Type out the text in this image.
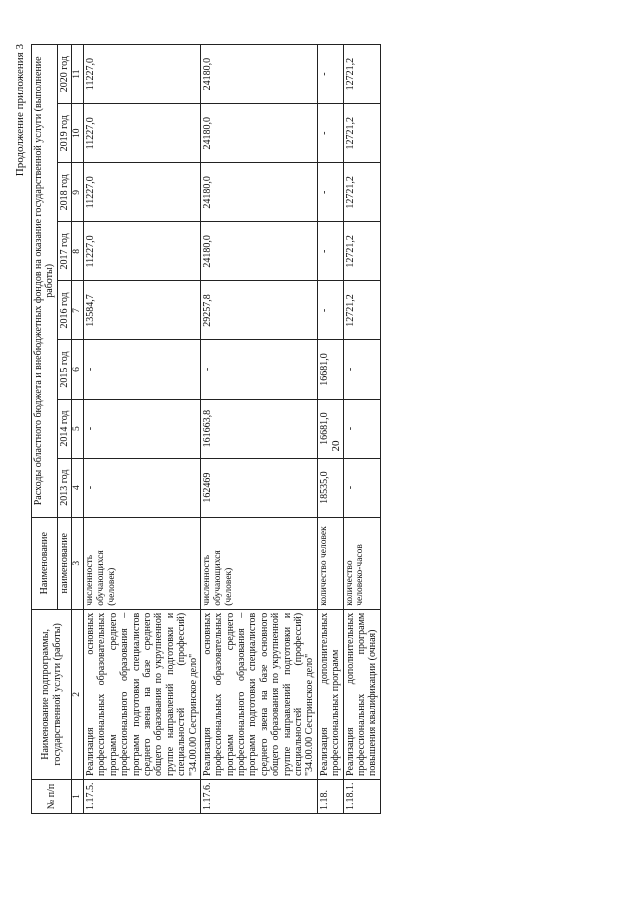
20
Продолжение приложения 3
№ п/п	Наименование подпрограммы, государственной услуги (работы)	Наименование	Расходы областного бюджета и внебюджетных фондов на оказание государственной услуги (выполнение работы)							
		наименование	2013 год	2014 год	2015 год	2016 год	2017 год	2018 год	2019 год	2020 год
1	2	3	4	5	6	7	8	9	10	11
1.17.5.	Реализация основных профессиональных образовательных программ среднего профессионального образования – программ подготовки специалистов среднего звена на базе среднего общего образования по укрупненной группе направлений подготовки и специальностей (профессий) "34.00.00 Сестринское дело"	численность обучающихся (человек)	-	-	-	13584,7	11227,0	11227,0	11227,0	11227,0
1.17.6.	Реализация основных профессиональных образовательных программ среднего профессионального образования – программ подготовки специалистов среднего звена на базе основного общего образования по укрупненной группе направлений подготовки и специальностей (профессий) "34.00.00 Сестринское дело"	численность обучающихся (человек)	162469	161663,8	-	29257,8	24180,0	24180,0	24180,0	24180,0
1.18.	Реализация дополнительных профессиональных программ	количество человек	18535,0	16681,0	16681,0	-	-	-	-	-
1.18.1.	Реализация дополнительных профессиональных программ повышения квалификации (очная)	количество человеко-часов	-	-	-	12721,2	12721,2	12721,2	12721,2	12721,2
